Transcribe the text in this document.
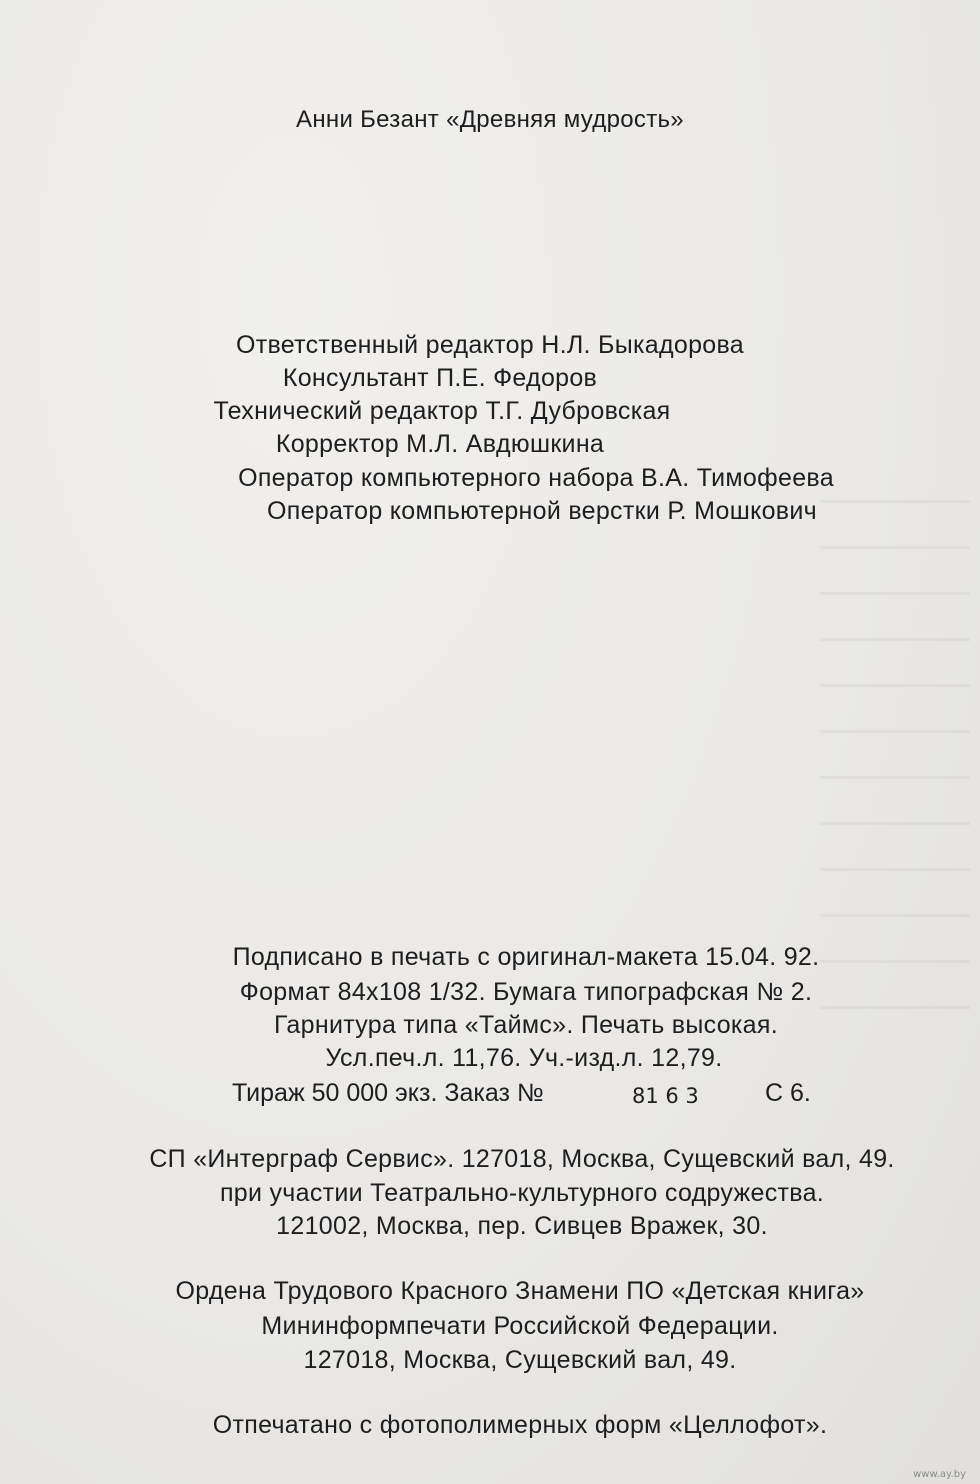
Анни Безант «Древняя мудрость»
Ответственный редактор Н.Л. Быкадорова
Консультант П.Е. Федоров
Технический редактор Т.Г. Дубровская
Корректор М.Л. Авдюшкина
Оператор компьютерного набора В.А. Тимофеева
Оператор компьютерной верстки Р. Мошкович
Подписано в печать с оригинал-макета 15.04. 92.
Формат 84x108 1/32. Бумага типографская № 2.
Гарнитура типа «Таймс». Печать высокая.
Усл.печ.л. 11,76. Уч.-изд.л. 12,79.
Тираж 50 000 экз. Заказ №	81 6 3	С 6.
СП «Интерграф Сервис». 127018, Москва, Сущевский вал, 49.
при участии Театрально-культурного содружества.
121002, Москва, пер. Сивцев Вражек, 30.
Ордена Трудового Красного Знамени ПО «Детская книга»
Мининформпечати Российской Федерации.
127018, Москва, Сущевский вал, 49.
Отпечатано с фотополимерных форм «Целлофот».
www.ay.by
